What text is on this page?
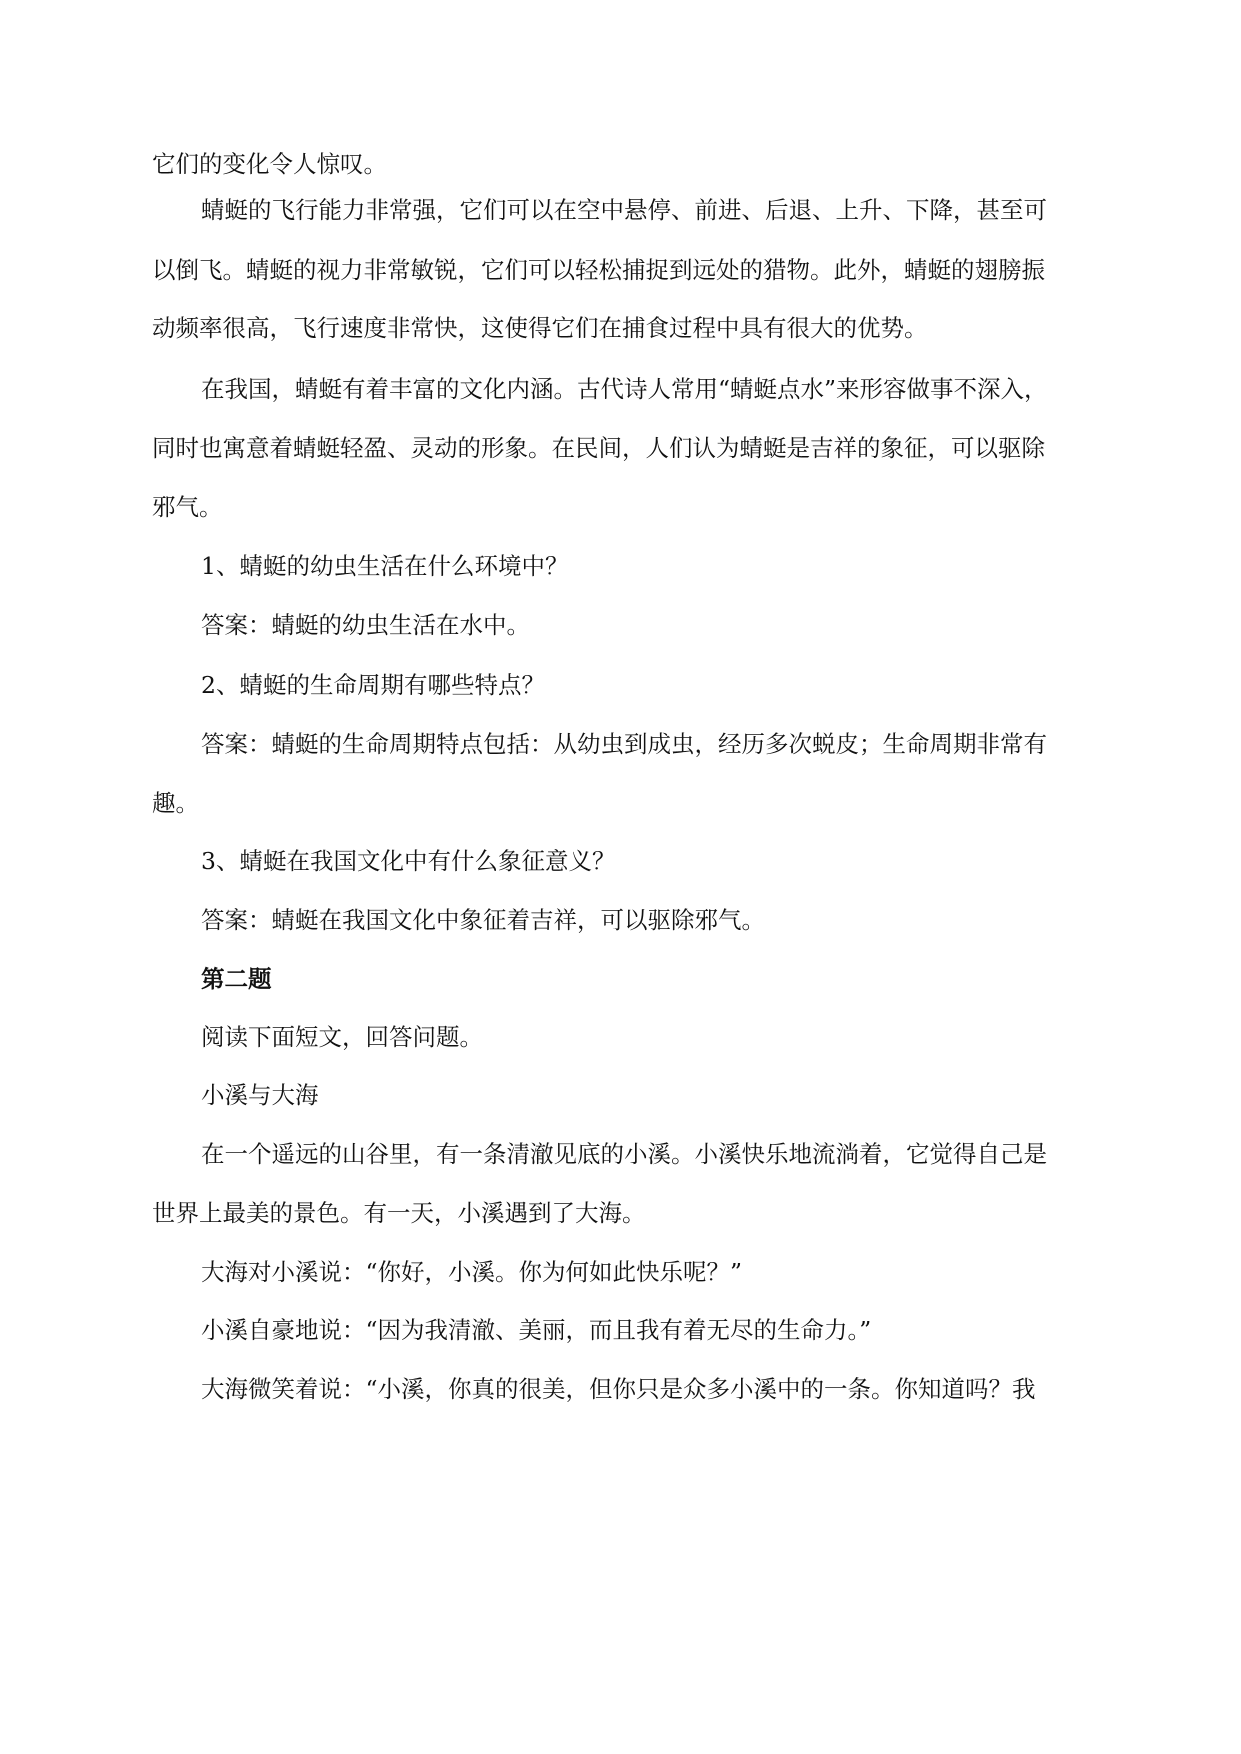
它们的变化令人惊叹。
蜻蜓的飞行能力非常强，它们可以在空中悬停、前进、后退、上升、下降，甚至可
以倒飞。蜻蜓的视力非常敏锐，它们可以轻松捕捉到远处的猎物。此外，蜻蜓的翅膀振
动频率很高，飞行速度非常快，这使得它们在捕食过程中具有很大的优势。
在我国，蜻蜓有着丰富的文化内涵。古代诗人常用“蜻蜓点水”来形容做事不深入，
同时也寓意着蜻蜓轻盈、灵动的形象。在民间，人们认为蜻蜓是吉祥的象征，可以驱除
邪气。
1、蜻蜓的幼虫生活在什么环境中？
答案：蜻蜓的幼虫生活在水中。
2、蜻蜓的生命周期有哪些特点？
答案：蜻蜓的生命周期特点包括：从幼虫到成虫，经历多次蜕皮；生命周期非常有
趣。
3、蜻蜓在我国文化中有什么象征意义？
答案：蜻蜓在我国文化中象征着吉祥，可以驱除邪气。
第二题
阅读下面短文，回答问题。
小溪与大海
在一个遥远的山谷里，有一条清澈见底的小溪。小溪快乐地流淌着，它觉得自己是
世界上最美的景色。有一天，小溪遇到了大海。
大海对小溪说：“你好，小溪。你为何如此快乐呢？”
小溪自豪地说：“因为我清澈、美丽，而且我有着无尽的生命力。”
大海微笑着说：“小溪，你真的很美，但你只是众多小溪中的一条。你知道吗？我
